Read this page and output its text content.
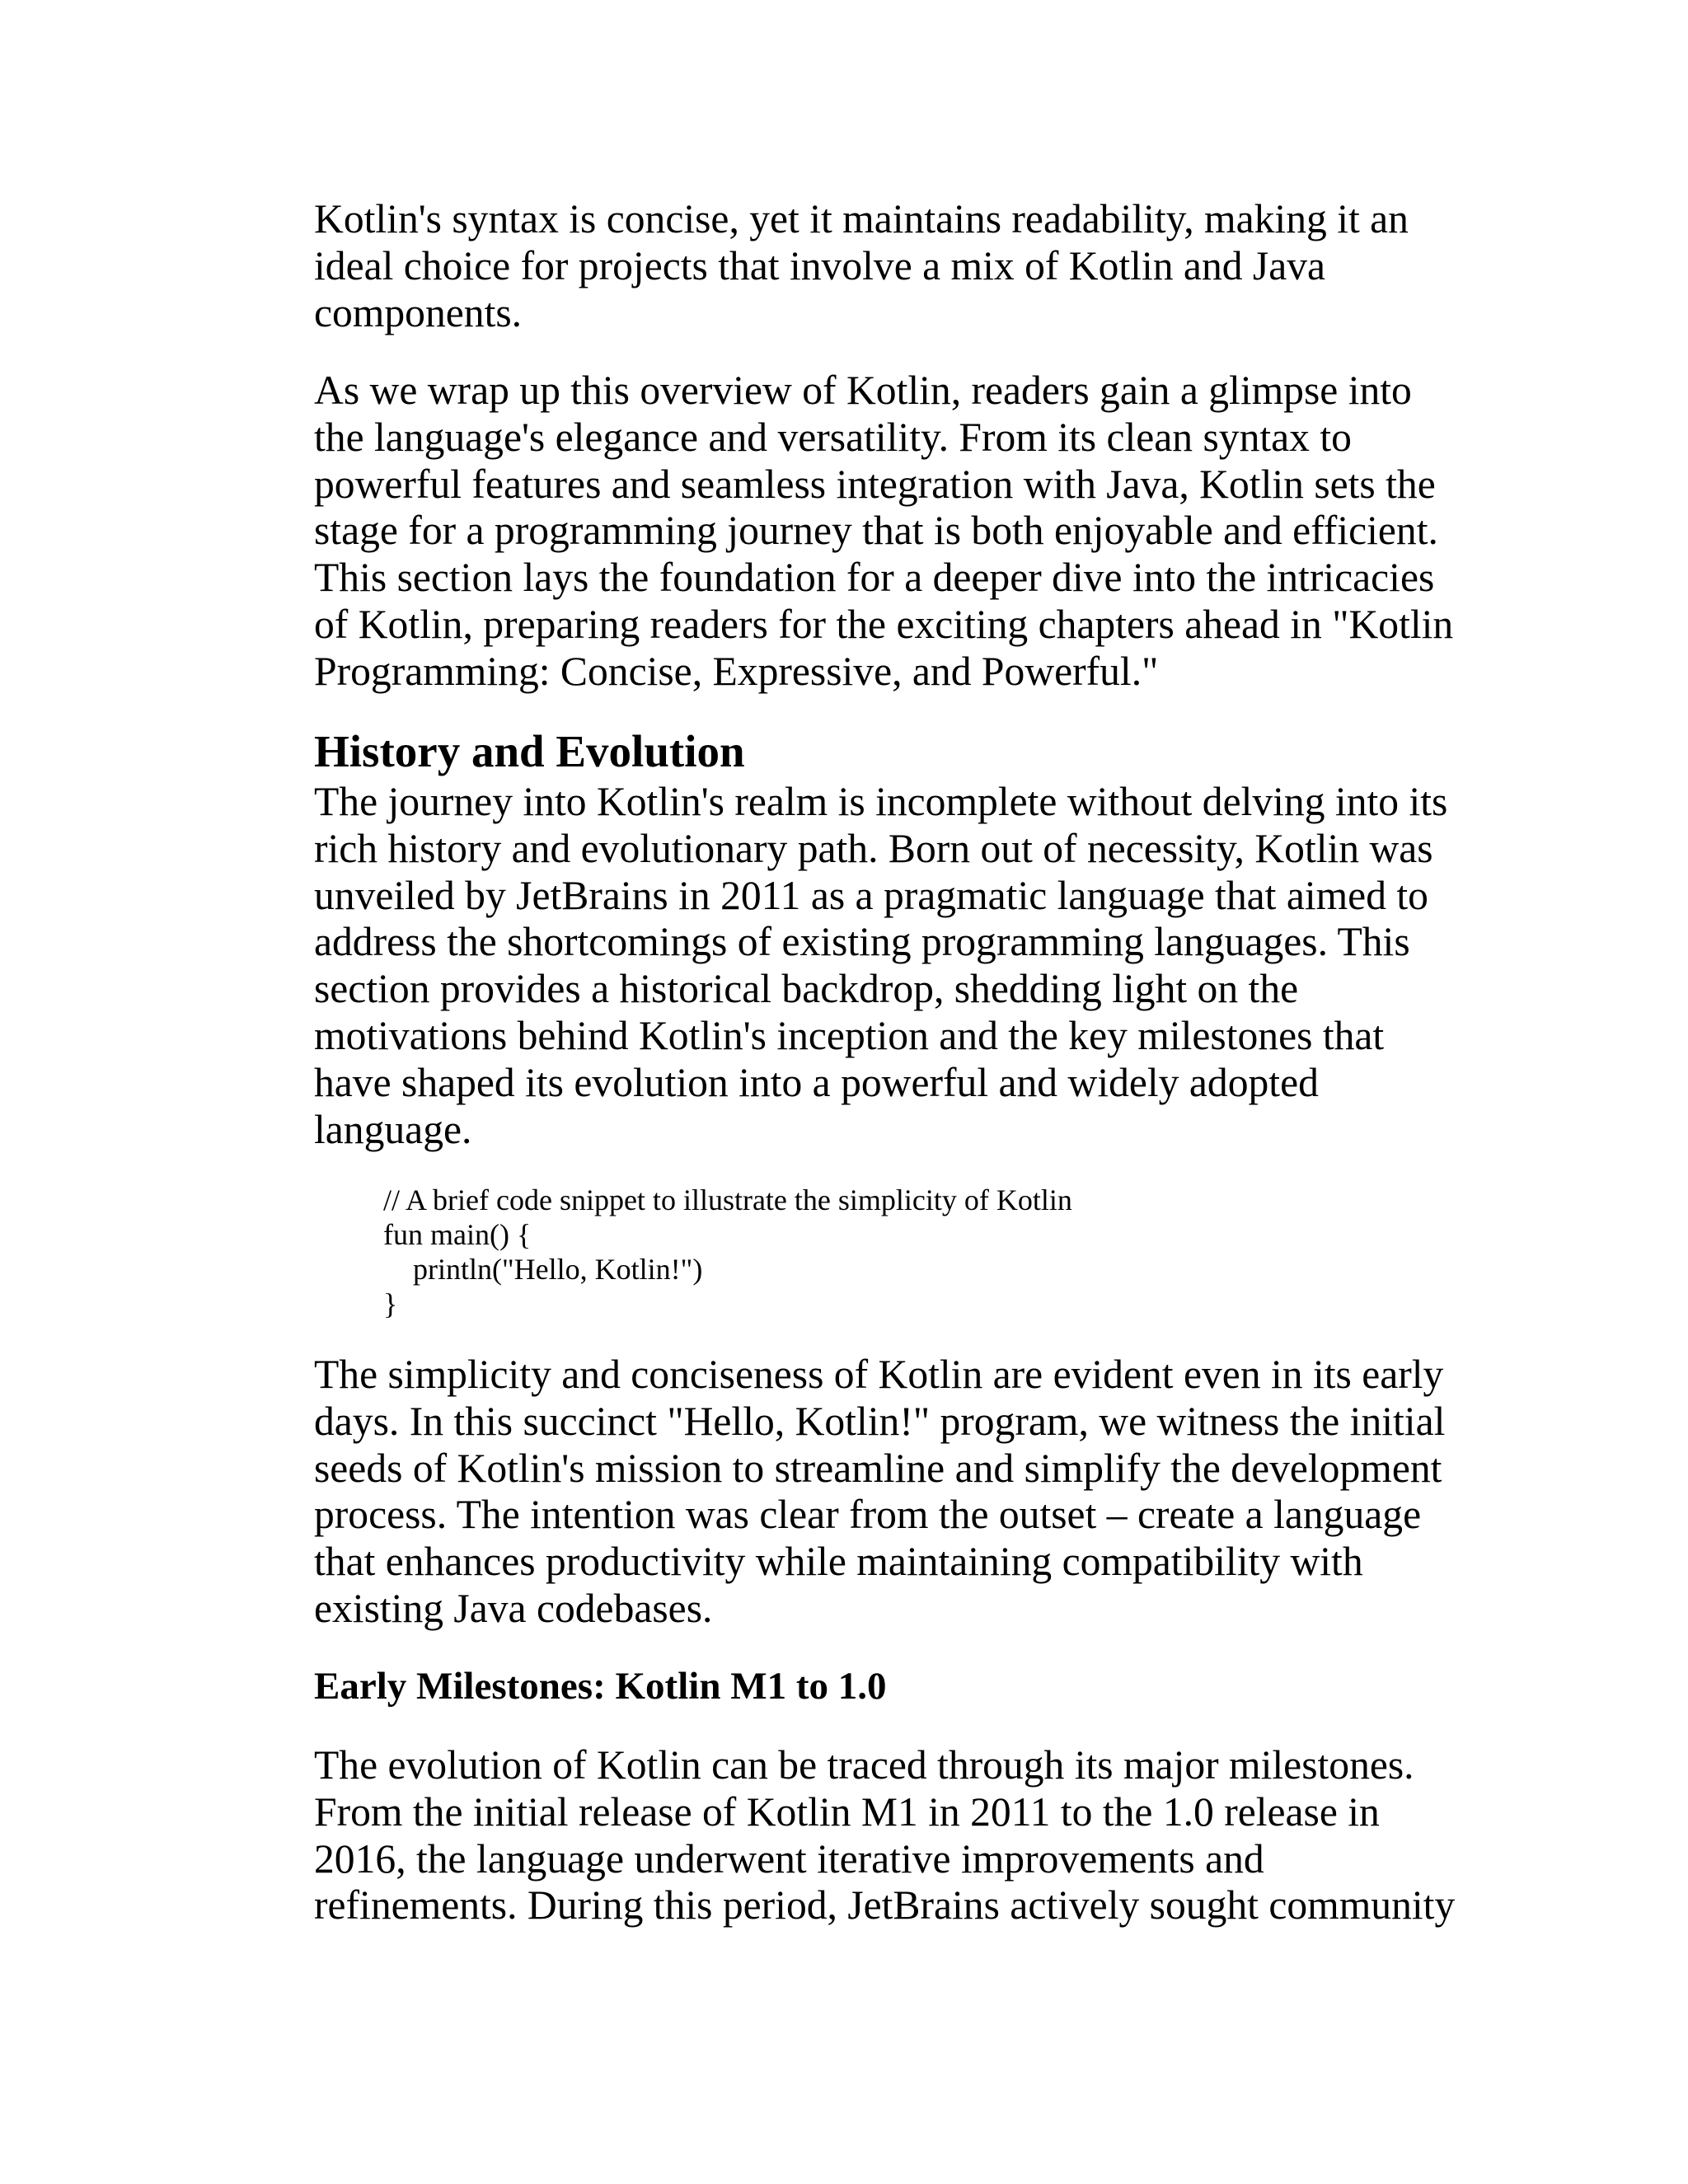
Kotlin's syntax is concise, yet it maintains readability, making it an
ideal choice for projects that involve a mix of Kotlin and Java
components.

As we wrap up this overview of Kotlin, readers gain a glimpse into
the language's elegance and versatility. From its clean syntax to
powerful features and seamless integration with Java, Kotlin sets the
stage for a programming journey that is both enjoyable and efficient.
This section lays the foundation for a deeper dive into the intricacies
of Kotlin, preparing readers for the exciting chapters ahead in "Kotlin
Programming: Concise, Expressive, and Powerful."

History and Evolution

The journey into Kotlin's realm is incomplete without delving into its
rich history and evolutionary path. Born out of necessity, Kotlin was
unveiled by JetBrains in 2011 as a pragmatic language that aimed to
address the shortcomings of existing programming languages. This
section provides a historical backdrop, shedding light on the
motivations behind Kotlin's inception and the key milestones that
have shaped its evolution into a powerful and widely adopted
language.

// A brief code snippet to illustrate the simplicity of Kotlin
fun main() {
println("Hello, Kotlin!")
}

The simplicity and conciseness of Kotlin are evident even in its early
days. In this succinct "Hello, Kotlin!" program, we witness the initial
seeds of Kotlin's mission to streamline and simplify the development
process. The intention was clear from the outset – create a language
that enhances productivity while maintaining compatibility with
existing Java codebases.

Early Milestones: Kotlin M1 to 1.0

The evolution of Kotlin can be traced through its major milestones.
From the initial release of Kotlin M1 in 2011 to the 1.0 release in
2016, the language underwent iterative improvements and
refinements. During this period, JetBrains actively sought community
